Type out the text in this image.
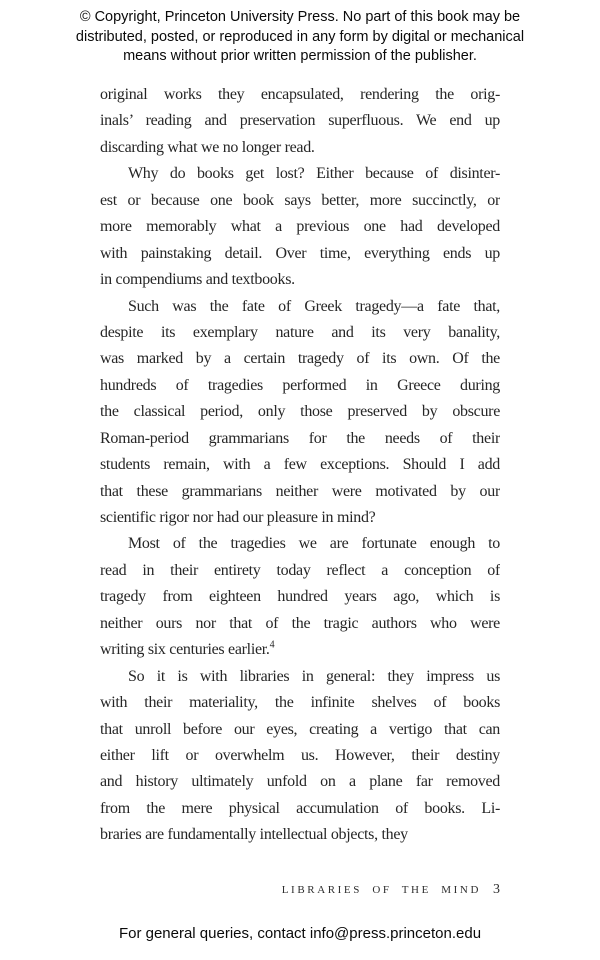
© Copyright, Princeton University Press. No part of this book may be
distributed, posted, or reproduced in any form by digital or mechanical
means without prior written permission of the publisher.
original works they encapsulated, rendering the orig-
inals’ reading and preservation superfluous. We end up
discarding what we no longer read.
Why do books get lost? Either because of disinter-
est or because one book says better, more succinctly, or
more memorably what a previous one had developed
with painstaking detail. Over time, everything ends up
in compendiums and textbooks.
Such was the fate of Greek tragedy—a fate that,
despite its exemplary nature and its very banality,
was marked by a certain tragedy of its own. Of the
hundreds of tragedies performed in Greece during
the classical period, only those preserved by obscure
Roman-period grammarians for the needs of their
students remain, with a few exceptions. Should I add
that these grammarians neither were motivated by our
scientific rigor nor had our pleasure in mind?
Most of the tragedies we are fortunate enough to
read in their entirety today reflect a conception of
tragedy from eighteen hundred years ago, which is
neither ours nor that of the tragic authors who were
writing six centuries earlier.$^4$
So it is with libraries in general: they impress us
with their materiality, the infinite shelves of books
that unroll before our eyes, creating a vertigo that can
either lift or overwhelm us. However, their destiny
and history ultimately unfold on a plane far removed
from the mere physical accumulation of books. Li-
braries are fundamentally intellectual objects, they
LIBRARIES OF THE MIND 3
For general queries, contact info@press.princeton.edu
